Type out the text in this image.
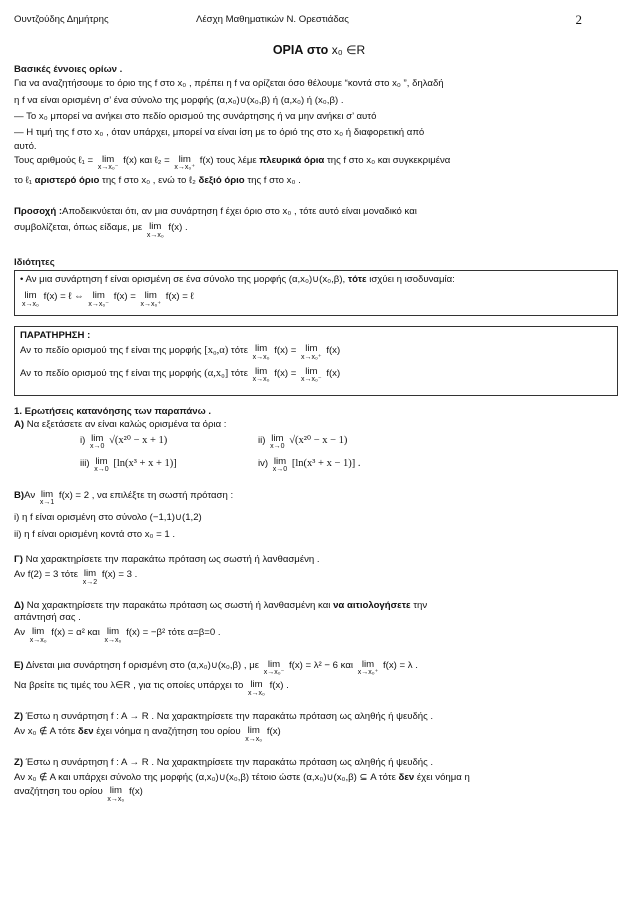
Ουντζούδης Δημήτρης	Λέσχη Μαθηματικών Ν. Ορεστιάδας	2
ΟΡΙΑ στο x₀ ∈R

Βασικές έννοιες ορίων .

Για να αναζητήσουμε το όριο της f στο x₀ , πρέπει η f να ορίζεται όσο θέλουμε “κοντά στο x₀ ”, δηλαδή

η f να είναι ορισμένη σ’ ένα σύνολο της μορφής (α,x₀)∪(x₀,β) ή (α,x₀) ή (x₀,β) .

— Το x₀ μπορεί να ανήκει στο πεδίο ορισμού της συνάρτησης ή να μην ανήκει σ’ αυτό

— Η τιμή της f στο x₀ , όταν υπάρχει, μπορεί να είναι ίση με το όριό της στο x₀ ή διαφορετική από

αυτό.

Τους αριθμούς ℓ₁ = lim
x→x₀⁻
f(x) και ℓ₂ = lim
x→x₀⁺
f(x) τους λέμε πλευρικά όρια της f στο x₀ και συγκεκριμένα

το ℓ₁ αριστερό όριο της f στο x₀ , ενώ το ℓ₂ δεξιό όριο της f στο x₀ .

Προσοχή :Αποδεικνύεται ότι, αν μια συνάρτηση f έχει όριο στο x₀ , τότε αυτό είναι μοναδικό και

συμβολίζεται, όπως είδαμε, με lim
x→x₀
f(x) .

Ιδιότητες

• Αν μια συνάρτηση f είναι ορισμένη σε ένα σύνολο της μορφής (α,x₀)∪(x₀,β), τότε ισχύει η ισοδυναμία:

lim
x→x₀
f(x) = ℓ ⇔ lim
x→x₀⁻
f(x) = lim
x→x₀⁺
f(x) = ℓ

ΠΑΡΑΤΗΡΗΣΗ :

Αν το πεδίο ορισμού της f είναι της μορφής [x₀,α) τότε lim
x→x₀
f(x) = lim
x→x₀⁺
f(x)

Αν το πεδίο ορισμού της f είναι της μορφής (α,x₀] τότε lim
x→x₀
f(x) = lim
x→x₀⁻
f(x)

1. Ερωτήσεις κατανόησης των παραπάνω .

Α) Να εξετάσετε αν είναι καλώς ορισμένα τα όρια :

i) lim
x→0
√(x²⁰ − x + 1)	ii) lim
x→0
√(x²⁰ − x − 1)
iii) lim
x→0
[ln(x³ + x + 1)]	iv) lim
x→0
[ln(x³ + x − 1)] .

Β)Αν lim
x→1
f(x) = 2 , να επιλέξτε τη σωστή πρόταση :

i) η f είναι ορισμένη στο σύνολο (−1,1)∪(1,2)

ii) η f είναι ορισμένη κοντά στο x₀ = 1 .

Γ) Να χαρακτηρίσετε την παρακάτω πρόταση ως σωστή ή λανθασμένη .

Αν f(2) = 3 τότε lim
x→2
f(x) = 3 .

Δ) Να χαρακτηρίσετε την παρακάτω πρόταση ως σωστή ή λανθασμένη και να αιτιολογήσετε την

απάντησή σας .

Αν lim
x→x₀
f(x) = α² και lim
x→x₀
f(x) = −β² τότε α=β=0 .

Ε) Δίνεται μια συνάρτηση f ορισμένη στο (α,x₀)∪(x₀,β) , με lim
x→x₀⁻
f(x) = λ² − 6 και lim
x→x₀⁺
f(x) = λ .

Να βρείτε τις τιμές του λ∈R , για τις οποίες υπάρχει το lim
x→x₀
f(x) .

Ζ) Έστω η συνάρτηση f : A → R . Να χαρακτηρίσετε την παρακάτω πρόταση ως αληθής ή ψευδής .

Αν x₀ ∉ A τότε δεν έχει νόημα η αναζήτηση του ορίου lim
x→x₀
f(x)

Ζ) Έστω η συνάρτηση f : A → R . Να χαρακτηρίσετε την παρακάτω πρόταση ως αληθής ή ψευδής .

Αν x₀ ∉ A και υπάρχει σύνολο της μορφής (α,x₀)∪(x₀,β) τέτοιο ώστε (α,x₀)∪(x₀,β) ⊆ A τότε δεν έχει νόημα η

αναζήτηση του ορίου lim
x→x₀
f(x)
